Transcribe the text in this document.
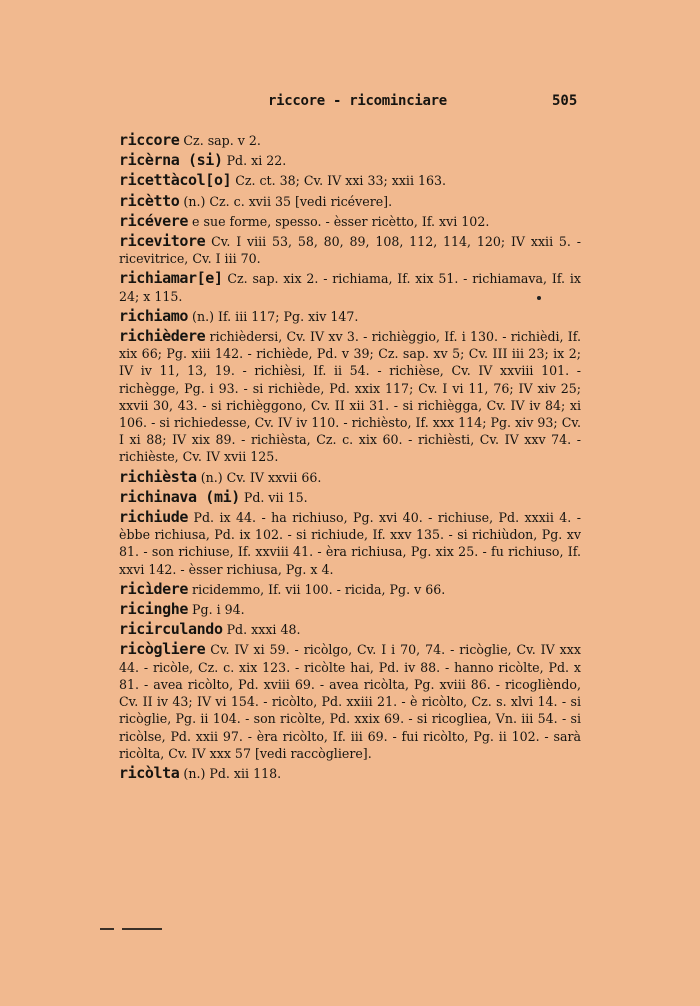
riccore - ricominciare	505
riccore Cz. sap. v 2.
ricèrna (si) Pd. xi 22.
ricettàcol[o] Cz. ct. 38; Cv. IV xxi 33; xxii 163.
ricètto (n.) Cz. c. xvii 35 [vedi ricévere].
ricévere e sue forme, spesso. - èsser ricètto, If. xvi 102.
ricevitore Cv. I viii 53, 58, 80, 89, 108, 112, 114, 120; IV xxii 5. - ricevitrice, Cv. I iii 70.
richiamar[e] Cz. sap. xix 2. - richiama, If. xix 51. - richiamava, If. ix 24; x 115.
richiamo (n.) If. iii 117; Pg. xiv 147.
richièdere richièdersi, Cv. IV xv 3. - richièggio, If. i 130. - richièdi, If. xix 66; Pg. xiii 142. - richiède, Pd. v 39; Cz. sap. xv 5; Cv. III iii 23; ix 2; IV iv 11, 13, 19. - richièsi, If. ii 54. - richièse, Cv. IV xxviii 101. - richègge, Pg. i 93. - si richiède, Pd. xxix 117; Cv. I vi 11, 76; IV xiv 25; xxvii 30, 43. - si richièggono, Cv. II xii 31. - si richiègga, Cv. IV iv 84; xi 106. - si richiedesse, Cv. IV iv 110. - richièsto, If. xxx 114; Pg. xiv 93; Cv. I xi 88; IV xix 89. - richièsta, Cz. c. xix 60. - richièsti, Cv. IV xxv 74. - richièste, Cv. IV xvii 125.
richièsta (n.) Cv. IV xxvii 66.
richinava (mi) Pd. vii 15.
richiude Pd. ix 44. - ha richiuso, Pg. xvi 40. - richiuse, Pd. xxxii 4. - èbbe richiusa, Pd. ix 102. - si richiude, If. xxv 135. - si richiùdon, Pg. xv 81. - son richiuse, If. xxviii 41. - èra richiusa, Pg. xix 25. - fu richiuso, If. xxvi 142. - èsser richiusa, Pg. x 4.
ricìdere ricidemmo, If. vii 100. - ricida, Pg. v 66.
ricinghe Pg. i 94.
ricirculando Pd. xxxi 48.
ricògliere Cv. IV xi 59. - ricòlgo, Cv. I i 70, 74. - ricòglie, Cv. IV xxx 44. - ricòle, Cz. c. xix 123. - ricòlte hai, Pd. iv 88. - hanno ricòlte, Pd. x 81. - avea ricòlto, Pd. xviii 69. - avea ricòlta, Pg. xviii 86. - ricoglièndo, Cv. II iv 43; IV vi 154. - ricòlto, Pd. xxiii 21. - è ricòlto, Cz. s. xlvi 14. - si ricòglie, Pg. ii 104. - son ricòlte, Pd. xxix 69. - si ricogliea, Vn. iii 54. - si ricòlse, Pd. xxii 97. - èra ricòlto, If. iii 69. - fui ricòlto, Pg. ii 102. - sarà ricòlta, Cv. IV xxx 57 [vedi raccògliere].
ricòlta (n.) Pd. xii 118.
